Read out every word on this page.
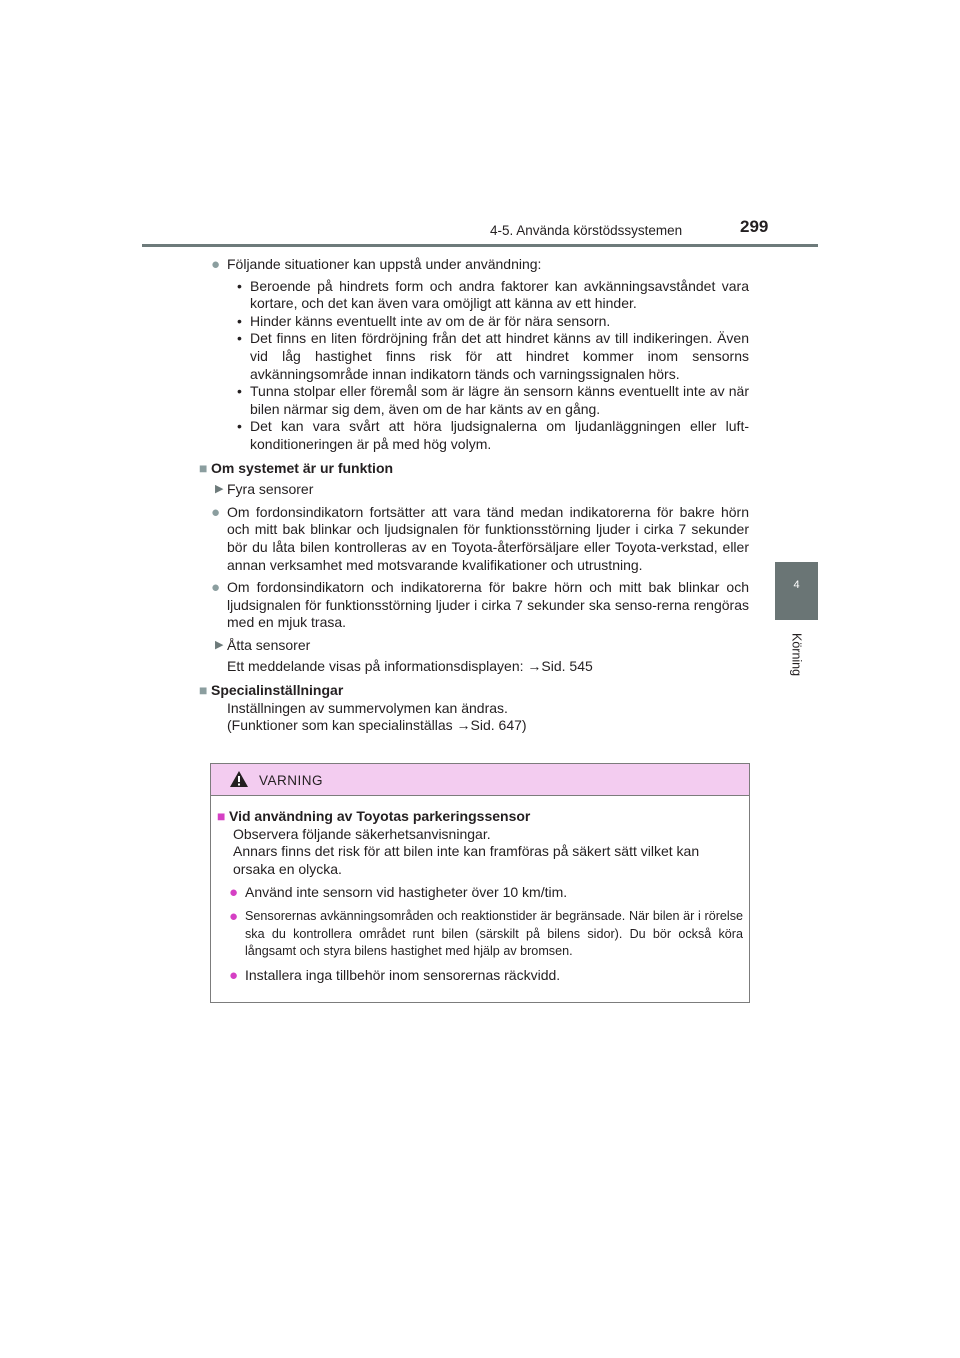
4-5. Använda körstödssystemen	299
4
Körning
● Följande situationer kan uppstå under användning:
• Beroende på hindrets form och andra faktorer kan avkänningsavståndet vara kortare, och det kan även vara omöjligt att känna av ett hinder.
• Hinder känns eventuellt inte av om de är för nära sensorn.
• Det finns en liten fördröjning från det att hindret känns av till indikeringen. Även vid låg hastighet finns risk för att hindret kommer inom sensorns avkänningsområde innan indikatorn tänds och varningssignalen hörs.
• Tunna stolpar eller föremål som är lägre än sensorn känns eventuellt inte av när bilen närmar sig dem, även om de har känts av en gång.
• Det kan vara svårt att höra ljudsignalerna om ljudanläggningen eller luft-konditioneringen är på med hög volym.
■ Om systemet är ur funktion
▶ Fyra sensorer
● Om fordonsindikatorn fortsätter att vara tänd medan indikatorerna för bakre hörn och mitt bak blinkar och ljudsignalen för funktionsstörning ljuder i cirka 7 sekunder bör du låta bilen kontrolleras av en Toyota-återförsäljare eller Toyota-verkstad, eller annan verksamhet med motsvarande kvalifikationer och utrustning.
● Om fordonsindikatorn och indikatorerna för bakre hörn och mitt bak blinkar och ljudsignalen för funktionsstörning ljuder i cirka 7 sekunder ska senso-rerna rengöras med en mjuk trasa.
▶ Åtta sensorer
Ett meddelande visas på informationsdisplayen: →Sid. 545
■ Specialinställningar
Inställningen av summervolymen kan ändras.
(Funktioner som kan specialinställas →Sid. 647)
VARNING
■ Vid användning av Toyotas parkeringssensor
Observera följande säkerhetsanvisningar.
Annars finns det risk för att bilen inte kan framföras på säkert sätt vilket kan orsaka en olycka.
● Använd inte sensorn vid hastigheter över 10 km/tim.
● Sensorernas avkänningsområden och reaktionstider är begränsade. När bilen är i rörelse ska du kontrollera området runt bilen (särskilt på bilens sidor). Du bör också köra långsamt och styra bilens hastighet med hjälp av bromsen.
● Installera inga tillbehör inom sensorernas räckvidd.
